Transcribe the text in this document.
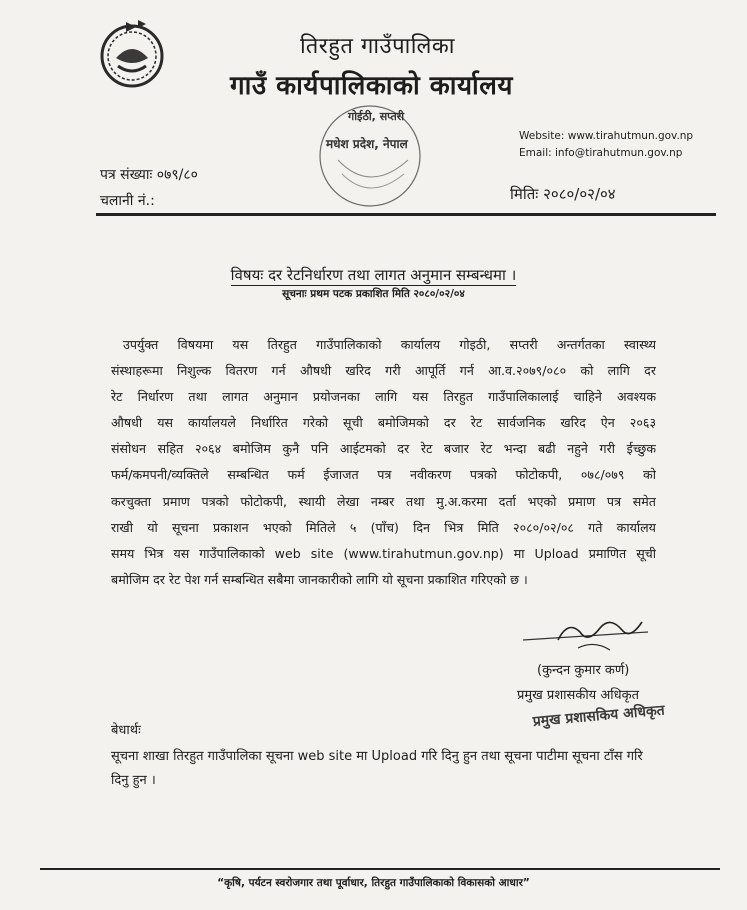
तिरहुत गाउँपालिका
गाउँ कार्यपालिकाको कार्यालय
गोईठी, सप्तरी
मधेश प्रदेश, नेपाल
Website: www.tirahutmun.gov.np
Email: info@tirahutmun.gov.np
पत्र संख्याः ०७९/८०
चलानी नं.:	मितिः २०८०/०२/०४
विषयः दर रेटनिर्धारण तथा लागत अनुमान सम्बन्धमा ।
सूचनाः प्रथम पटक प्रकाशित मिति २०८०/०२/०४
उपर्युक्त विषयमा यस तिरहुत गाउँपालिकाको कार्यालय गोइठी, सप्तरी अन्तर्गतका स्वास्थ्य
संस्थाहरूमा निशुल्क वितरण गर्न औषधी खरिद गरी आपूर्ति गर्न आ.व.२०७९/०८० को लागि दर
रेट निर्धारण तथा लागत अनुमान प्रयोजनका लागि यस तिरहुत गाउँपालिकालाई चाहिने अवश्यक
औषधी यस कार्यालयले निर्धारित गरेको सूची बमोजिमको दर रेट सार्वजनिक खरिद ऐन २०६३
संसोधन सहित २०६४ बमोजिम कुनै पनि आईटमको दर रेट बजार रेट भन्दा बढी नहुने गरी ईच्छुक
फर्म/कमपनी/व्यक्तिले सम्बन्धित फर्म ईजाजत पत्र नवीकरण पत्रको फोटोकपी, ०७८/०७९ को
करचुक्ता प्रमाण पत्रको फोटोकपी, स्थायी लेखा नम्बर तथा मु.अ.करमा दर्ता भएको प्रमाण पत्र समेत
राखी यो सूचना प्रकाशन भएको मितिले ५ (पाँच) दिन भित्र मिति २०८०/०२/०८ गते कार्यालय
समय भित्र यस गाउँपालिकाको web site (www.tirahutmun.gov.np) मा Upload प्रमाणित सूची
बमोजिम दर रेट पेश गर्न सम्बन्धित सबैमा जानकारीको लागि यो सूचना प्रकाशित गरिएको छ ।
(कुन्दन कुमार कर्ण)
प्रमुख प्रशासकीय अधिकृत
प्रमुख प्रशासकिय अधिकृत
बेधार्थः
सूचना शाखा तिरहुत गाउँपालिका सूचना web site मा Upload गरि दिनु हुन तथा सूचना पाटीमा सूचना टाँस गरि दिनु हुन ।
“कृषि, पर्यटन स्वरोजगार तथा पूर्वाधार, तिरहुत गाउँपालिकाको विकासको आधार”
